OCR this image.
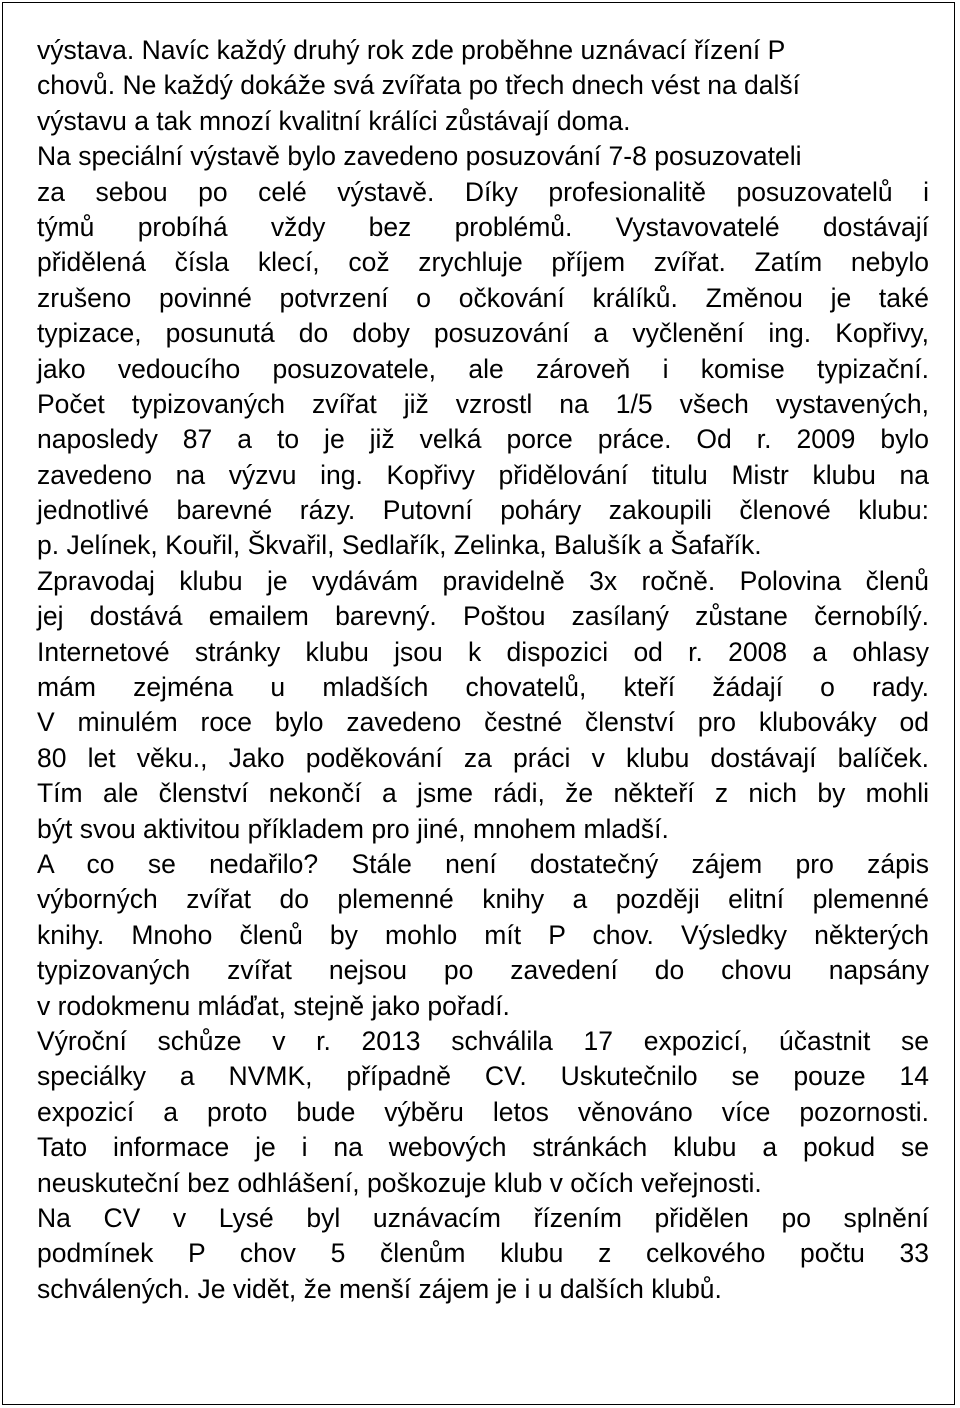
výstava. Navíc každý druhý rok zde proběhne uznávací řízení P
chovů. Ne každý dokáže svá zvířata po třech dnech vést na další
výstavu a tak mnozí kvalitní králíci zůstávají doma.
Na speciální výstavě bylo zavedeno posuzování 7-8 posuzovateli
za sebou po celé výstavě. Díky profesionalitě posuzovatelů i
týmů probíhá vždy bez problémů. Vystavovatelé dostávají
přidělená čísla klecí, což zrychluje příjem zvířat. Zatím nebylo
zrušeno povinné potvrzení o očkování králíků. Změnou je také
typizace, posunutá do doby posuzování a vyčlenění ing. Kopřivy,
jako vedoucího posuzovatele, ale zároveň i komise typizační.
Počet typizovaných zvířat již vzrostl na 1/5 všech vystavených,
naposledy 87 a to je již velká porce práce. Od r. 2009 bylo
zavedeno na výzvu ing. Kopřivy přidělování titulu Mistr klubu na
jednotlivé barevné rázy. Putovní poháry zakoupili členové klubu:
p. Jelínek, Kouřil, Škvařil, Sedlařík, Zelinka, Balušík a Šafařík.
Zpravodaj klubu je vydávám pravidelně 3x ročně. Polovina členů
jej dostává emailem barevný. Poštou zasílaný zůstane černobílý.
Internetové stránky klubu jsou k dispozici od r. 2008 a ohlasy
mám zejména u mladších chovatelů, kteří žádají o rady.
V minulém roce bylo zavedeno čestné členství pro klubováky od
80 let věku., Jako poděkování za práci v klubu dostávají balíček.
Tím ale členství nekončí a jsme rádi, že někteří z nich by mohli
být svou aktivitou příkladem pro jiné, mnohem mladší.
A co se nedařilo? Stále není dostatečný zájem pro zápis
výborných zvířat do plemenné knihy a později elitní plemenné
knihy. Mnoho členů by mohlo mít P chov. Výsledky některých
typizovaných zvířat nejsou po zavedení do chovu napsány
v rodokmenu mláďat, stejně jako pořadí.
Výroční schůze v r. 2013 schválila 17 expozicí, účastnit se
speciálky a NVMK, případně CV. Uskutečnilo se pouze 14
expozicí a proto bude výběru letos věnováno více pozornosti.
Tato informace je i na webových stránkách klubu a pokud se
neuskuteční bez odhlášení, poškozuje klub v očích veřejnosti.
Na CV v Lysé byl uznávacím řízením přidělen po splnění
podmínek P chov 5 členům klubu z celkového počtu 33
schválených. Je vidět, že menší zájem je i u dalších klubů.
